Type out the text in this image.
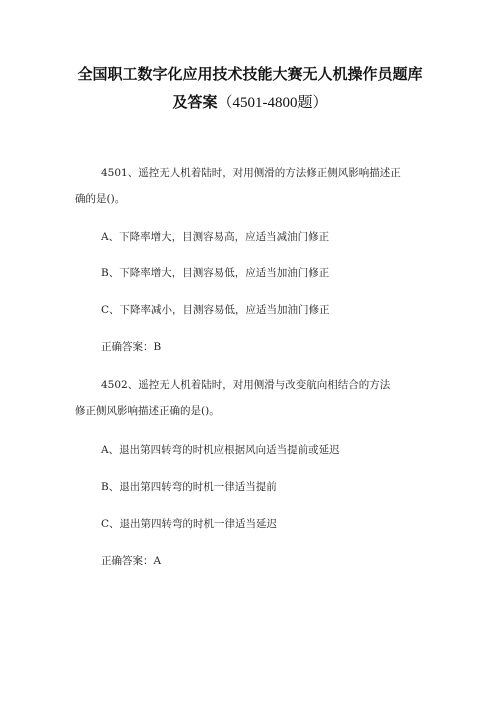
全国职工数字化应用技术技能大赛无人机操作员题库
及答案（4501-4800题）
4501、遥控无人机着陆时，对用侧滑的方法修正侧风影响描述正
确的是()。
A、下降率增大，目测容易高，应适当减油门修正
B、下降率增大，目测容易低，应适当加油门修正
C、下降率减小，目测容易低，应适当加油门修正
正确答案：B
4502、遥控无人机着陆时，对用侧滑与改变航向相结合的方法
修正侧风影响描述正确的是()。
A、退出第四转弯的时机应根据风向适当提前或延迟
B、退出第四转弯的时机一律适当提前
C、退出第四转弯的时机一律适当延迟
正确答案：A
